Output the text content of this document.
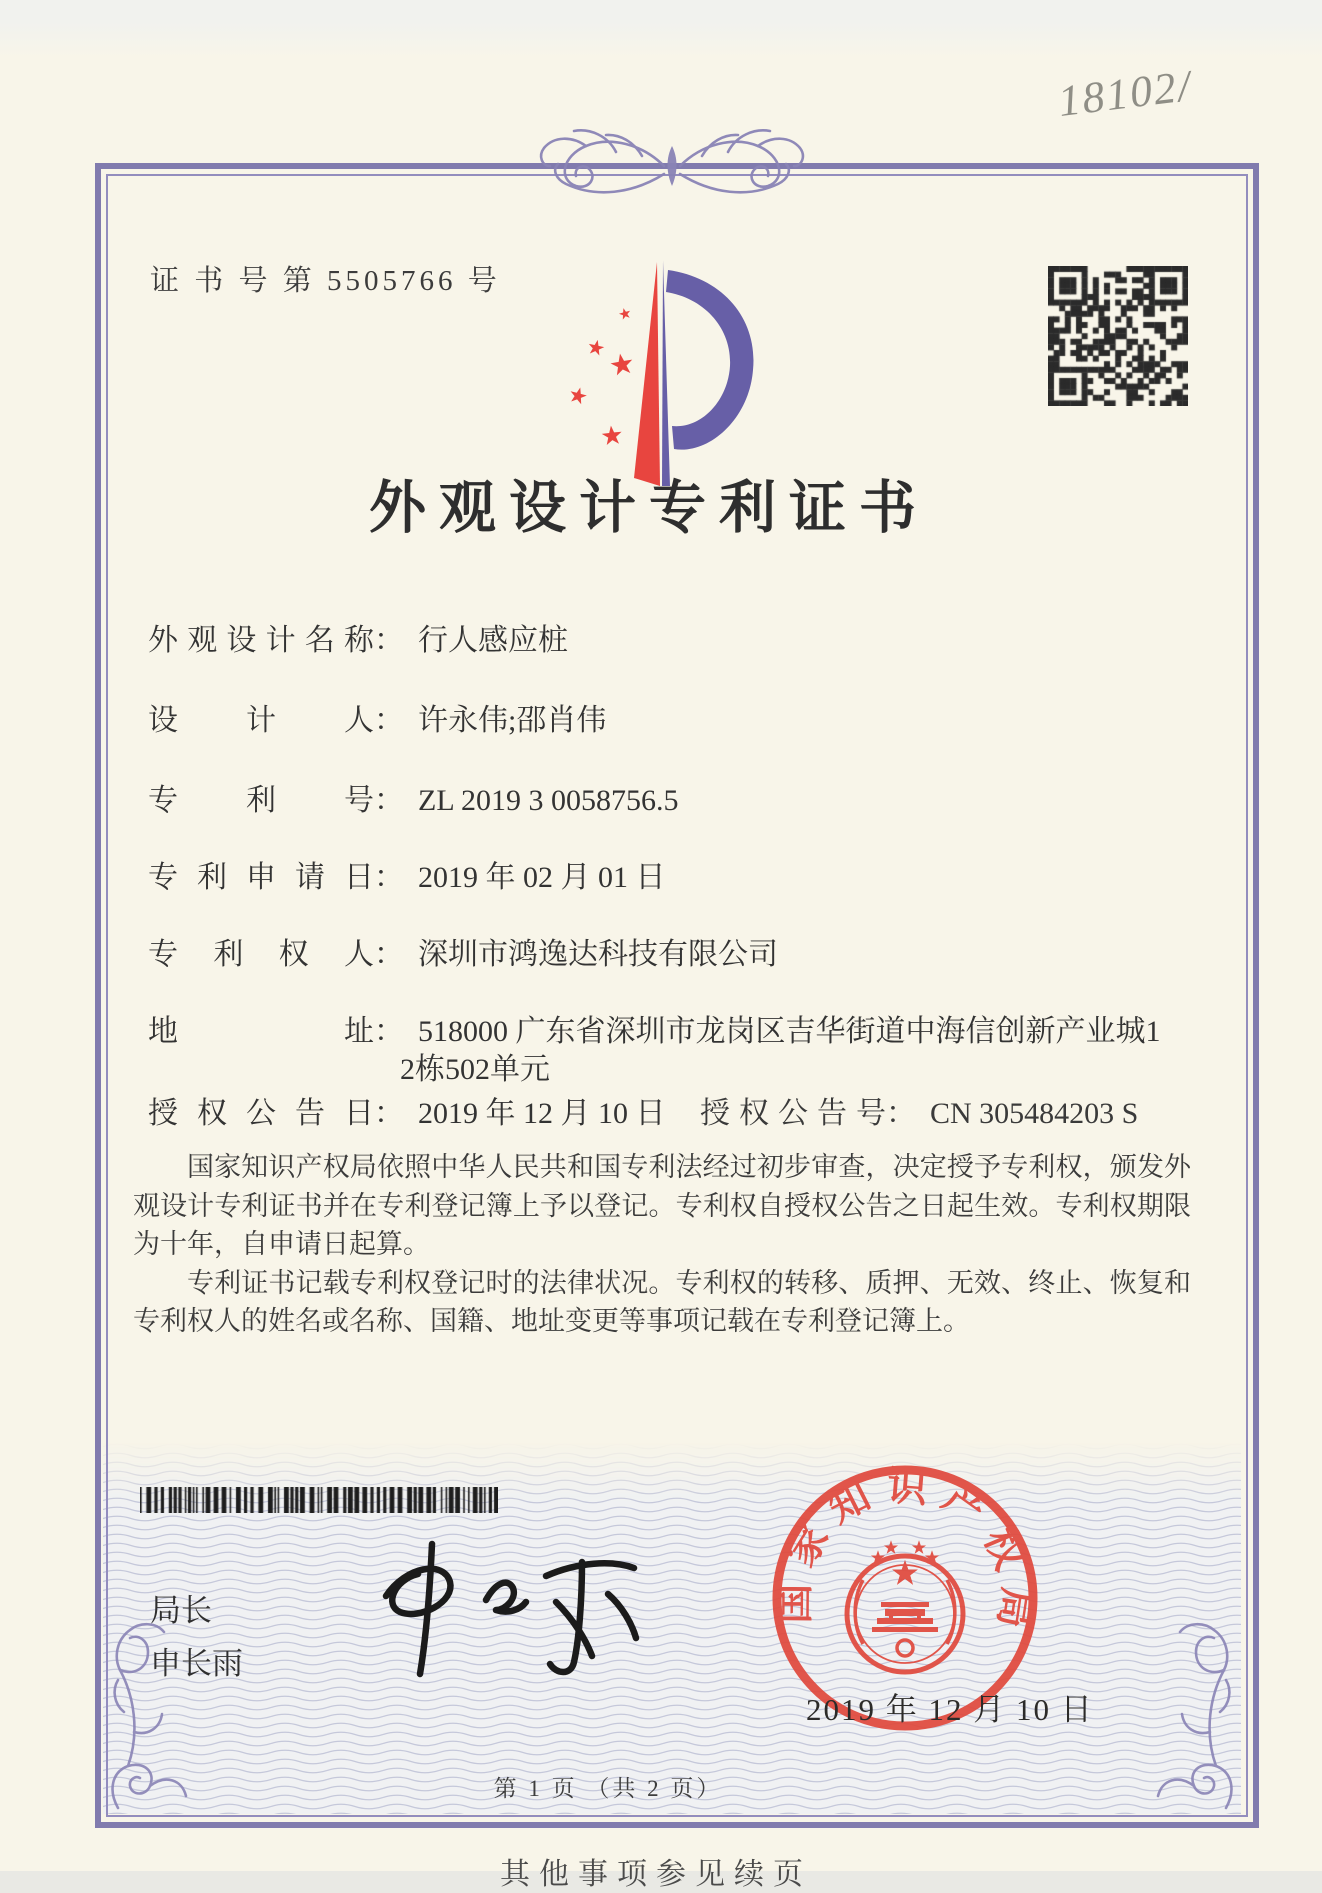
18102/
证 书 号 第 5505766 号
外观设计专利证书
外观设计名称： 行人感应桩
设计人： 许永伟;邵肖伟
专利号： ZL 2019 3 0058756.5
专利申请日： 2019 年 02 月 01 日
专利权人： 深圳市鸿逸达科技有限公司
地址： 518000 广东省深圳市龙岗区吉华街道中海信创新产业城1
2栋502单元
授权公告日： 2019 年 12 月 10 日 授权公告号： CN 305484203 S

国家知识产权局依照中华人民共和国专利法经过初步审查，决定授予专利权，颁发外观设计专利证书并在专利登记簿上予以登记。专利权自授权公告之日起生效。专利权期限为十年，自申请日起算。

专利证书记载专利权登记时的法律状况。专利权的转移、质押、无效、终止、恢复和专利权人的姓名或名称、国籍、地址变更等事项记载在专利登记簿上。

局长
申长雨
国家知识产权局
2019 年 12 月 10 日
第 1 页 （共 2 页）
其他事项参见续页
